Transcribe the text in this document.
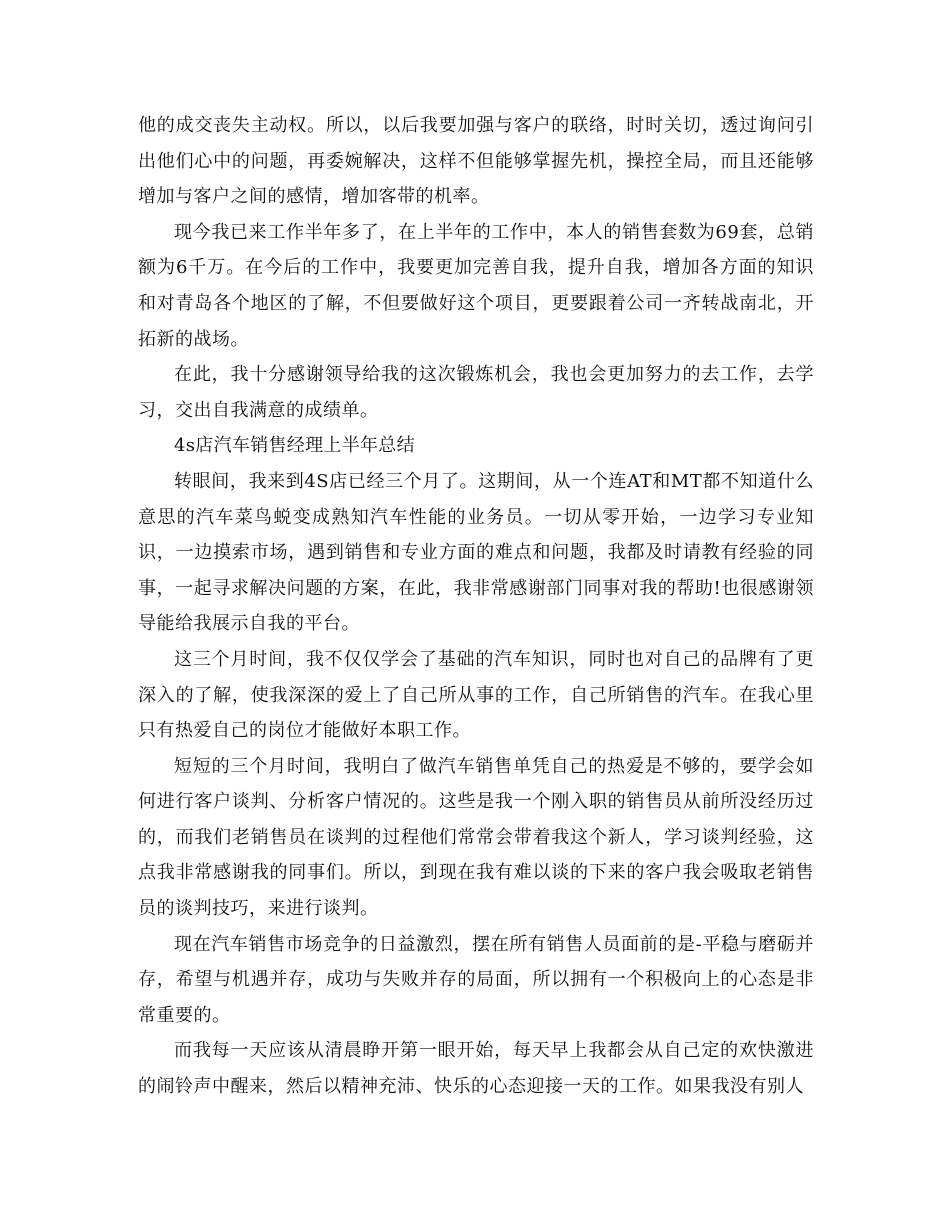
他的成交丧失主动权。所以，以后我要加强与客户的联络，时时关切，透过询问引出他们心中的问题，再委婉解决，这样不但能够掌握先机，操控全局，而且还能够增加与客户之间的感情，增加客带的机率。

现今我已来工作半年多了，在上半年的工作中，本人的销售套数为69套，总销额为6千万。在今后的工作中，我要更加完善自我，提升自我，增加各方面的知识和对青岛各个地区的了解，不但要做好这个项目，更要跟着公司一齐转战南北，开拓新的战场。

在此，我十分感谢领导给我的这次锻炼机会，我也会更加努力的去工作，去学习，交出自我满意的成绩单。

4s店汽车销售经理上半年总结

转眼间，我来到4S店已经三个月了。这期间，从一个连AT和MT都不知道什么意思的汽车菜鸟蜕变成熟知汽车性能的业务员。一切从零开始，一边学习专业知识，一边摸索市场，遇到销售和专业方面的难点和问题，我都及时请教有经验的同事，一起寻求解决问题的方案，在此，我非常感谢部门同事对我的帮助!也很感谢领导能给我展示自我的平台。

这三个月时间，我不仅仅学会了基础的汽车知识，同时也对自己的品牌有了更深入的了解，使我深深的爱上了自己所从事的工作，自己所销售的汽车。在我心里只有热爱自己的岗位才能做好本职工作。

短短的三个月时间，我明白了做汽车销售单凭自己的热爱是不够的，要学会如何进行客户谈判、分析客户情况的。这些是我一个刚入职的销售员从前所没经历过的，而我们老销售员在谈判的过程他们常常会带着我这个新人，学习谈判经验，这点我非常感谢我的同事们。所以，到现在我有难以谈的下来的客户我会吸取老销售员的谈判技巧，来进行谈判。

现在汽车销售市场竞争的日益激烈，摆在所有销售人员面前的是-平稳与磨砺并存，希望与机遇并存，成功与失败并存的局面，所以拥有一个积极向上的心态是非常重要的。

而我每一天应该从清晨睁开第一眼开始，每天早上我都会从自己定的欢快激进的闹铃声中醒来，然后以精神充沛、快乐的心态迎接一天的工作。如果我没有别人
